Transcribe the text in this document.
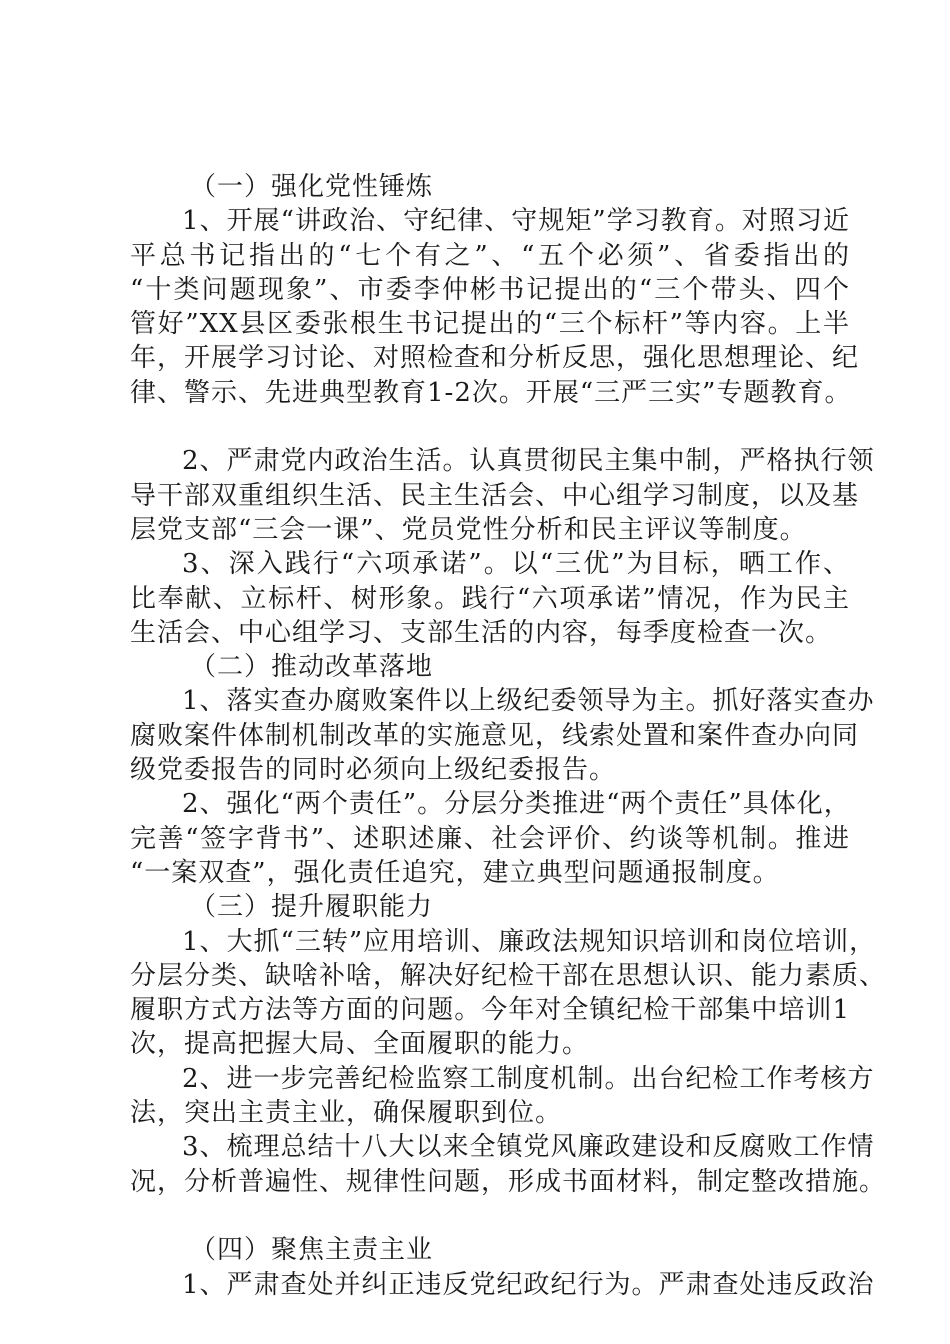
（一）强化党性锤炼
1、开展“讲政治、守纪律、守规矩”学习教育。对照习近
平总书记指出的“七个有之”、“五个必须”、省委指出的
“十类问题现象”、市委李仲彬书记提出的“三个带头、四个
管好”XX县区委张根生书记提出的“三个标杆”等内容。上半
年，开展学习讨论、对照检查和分析反思，强化思想理论、纪
律、警示、先进典型教育1-2次。开展“三严三实”专题教育。
2、严肃党内政治生活。认真贯彻民主集中制，严格执行领
导干部双重组织生活、民主生活会、中心组学习制度，以及基
层党支部“三会一课”、党员党性分析和民主评议等制度。
3、深入践行“六项承诺”。以“三优”为目标，晒工作、
比奉献、立标杆、树形象。践行“六项承诺”情况，作为民主
生活会、中心组学习、支部生活的内容，每季度检查一次。
（二）推动改革落地
1、落实查办腐败案件以上级纪委领导为主。抓好落实查办
腐败案件体制机制改革的实施意见，线索处置和案件查办向同
级党委报告的同时必须向上级纪委报告。
2、强化“两个责任”。分层分类推进“两个责任”具体化，
完善“签字背书”、述职述廉、社会评价、约谈等机制。推进
“一案双查”，强化责任追究，建立典型问题通报制度。
（三）提升履职能力
1、大抓“三转”应用培训、廉政法规知识培训和岗位培训，
分层分类、缺啥补啥，解决好纪检干部在思想认识、能力素质、
履职方式方法等方面的问题。今年对全镇纪检干部集中培训1
次，提高把握大局、全面履职的能力。
2、进一步完善纪检监察工制度机制。出台纪检工作考核方
法，突出主责主业，确保履职到位。
3、梳理总结十八大以来全镇党风廉政建设和反腐败工作情
况，分析普遍性、规律性问题，形成书面材料，制定整改措施。
（四）聚焦主责主业
1、严肃查处并纠正违反党纪政纪行为。严肃查处违反政治
